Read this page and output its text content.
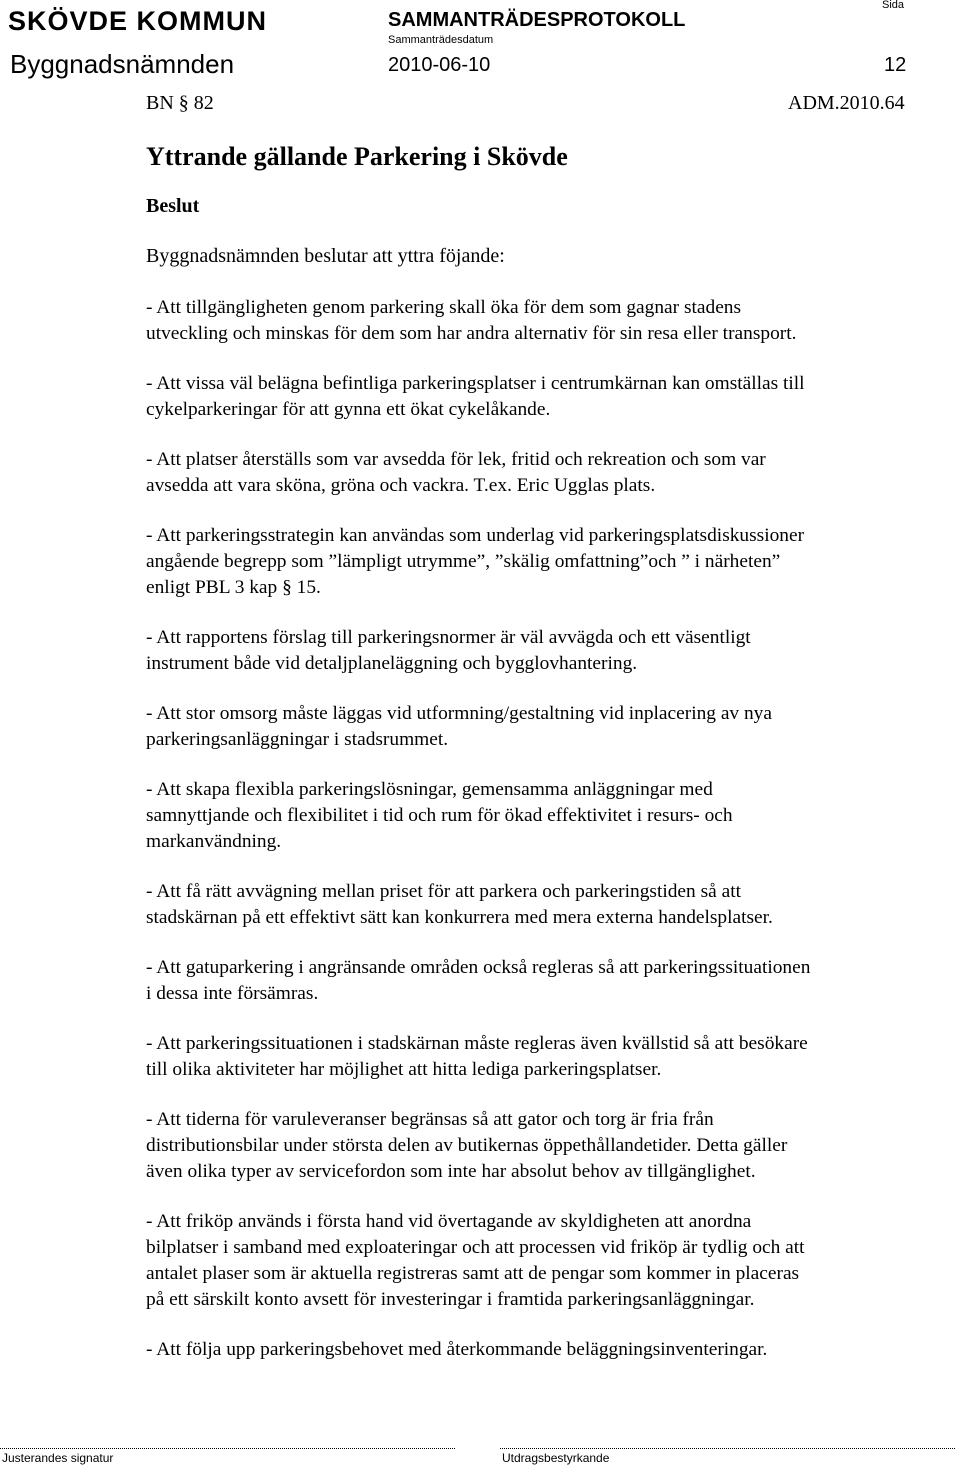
SKÖVDE KOMMUN
Sida
SAMMANTRÄDESPROTOKOLL
Sammanträdesdatum
Byggnadsnämnden	2010-06-10	12
BN § 82	ADM.2010.64
Yttrande gällande Parkering i Skövde
Beslut
Byggnadsnämnden beslutar att yttra föjande:

- Att tillgängligheten genom parkering skall öka för dem som gagnar stadens
utveckling och minskas för dem som har andra alternativ för sin resa eller transport.

- Att vissa väl belägna befintliga parkeringsplatser i centrumkärnan kan omställas till
cykelparkeringar för att gynna ett ökat cykelåkande.

- Att platser återställs som var avsedda för lek, fritid och rekreation och som var
avsedda att vara sköna, gröna och vackra. T.ex. Eric Ugglas plats.

- Att parkeringsstrategin kan användas som underlag vid parkeringsplatsdiskussioner
angående begrepp som ”lämpligt utrymme”, ”skälig omfattning”och ” i närheten”
enligt PBL 3 kap § 15.

- Att rapportens förslag till parkeringsnormer är väl avvägda och ett väsentligt
instrument både vid detaljplaneläggning och bygglovhantering.

- Att stor omsorg måste läggas vid utformning/gestaltning vid inplacering av nya
parkeringsanläggningar i stadsrummet.

- Att skapa flexibla parkeringslösningar, gemensamma anläggningar med
samnyttjande och flexibilitet i tid och rum för ökad effektivitet i resurs- och
markanvändning.

- Att få rätt avvägning mellan priset för att parkera och parkeringstiden så att
stadskärnan på ett effektivt sätt kan konkurrera med mera externa handelsplatser.

- Att gatuparkering i angränsande områden också regleras så att parkeringssituationen
i dessa inte försämras.

- Att parkeringssituationen i stadskärnan måste regleras även kvällstid så att besökare
till olika aktiviteter har möjlighet att hitta lediga parkeringsplatser.

- Att tiderna för varuleveranser begränsas så att gator och torg är fria från
distributionsbilar under största delen av butikernas öppethållandetider. Detta gäller
även olika typer av servicefordon som inte har absolut behov av tillgänglighet.

- Att friköp används i första hand vid övertagande av skyldigheten att anordna
bilplatser i samband med exploateringar och att processen vid friköp är tydlig och att
antalet plaser som är aktuella registreras samt att de pengar som kommer in placeras
på ett särskilt konto avsett för investeringar i framtida parkeringsanläggningar.

- Att följa upp parkeringsbehovet med återkommande beläggningsinventeringar.

Justerandes signatur	Utdragsbestyrkande
